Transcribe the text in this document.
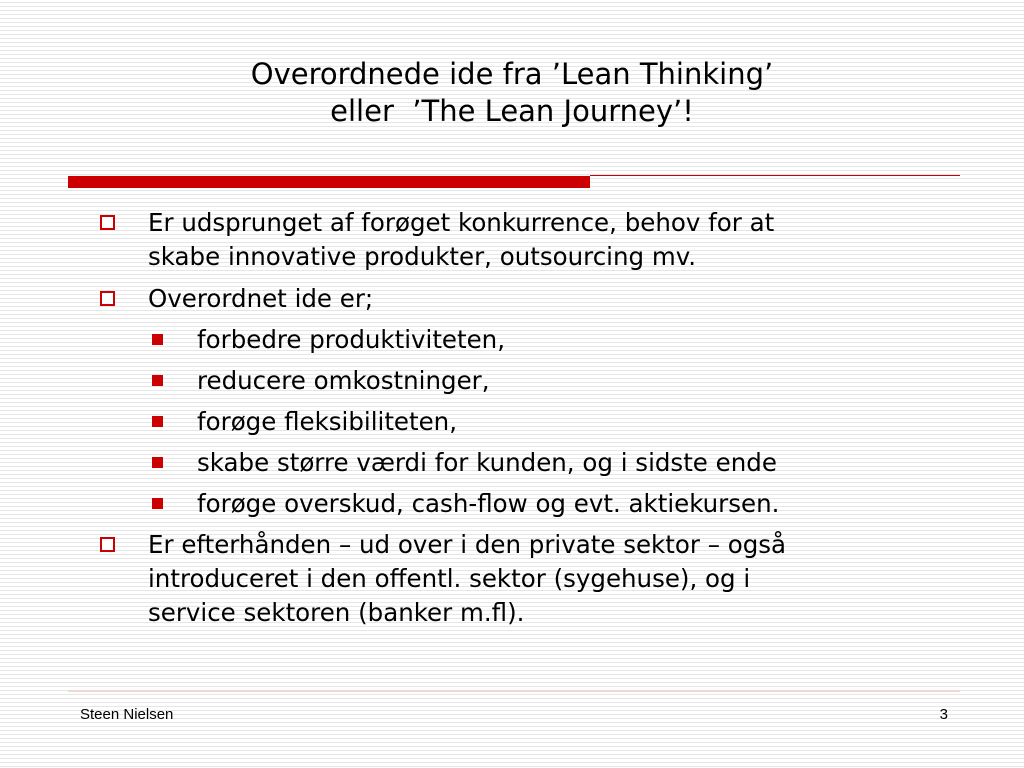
Overordnede ide fra ’Lean Thinking’
eller  ’The Lean Journey’!
Er udsprunget af forøget konkurrence, behov for at
skabe innovative produkter, outsourcing mv.
Overordnet ide er;
forbedre produktiviteten,
reducere omkostninger,
forøge fleksibiliteten,
skabe større værdi for kunden, og i sidste ende
forøge overskud, cash-flow og evt. aktiekursen.
Er efterhånden – ud over i den private sektor – også
introduceret i den offentl. sektor (sygehuse), og i
service sektoren (banker m.fl).
Steen Nielsen	3
